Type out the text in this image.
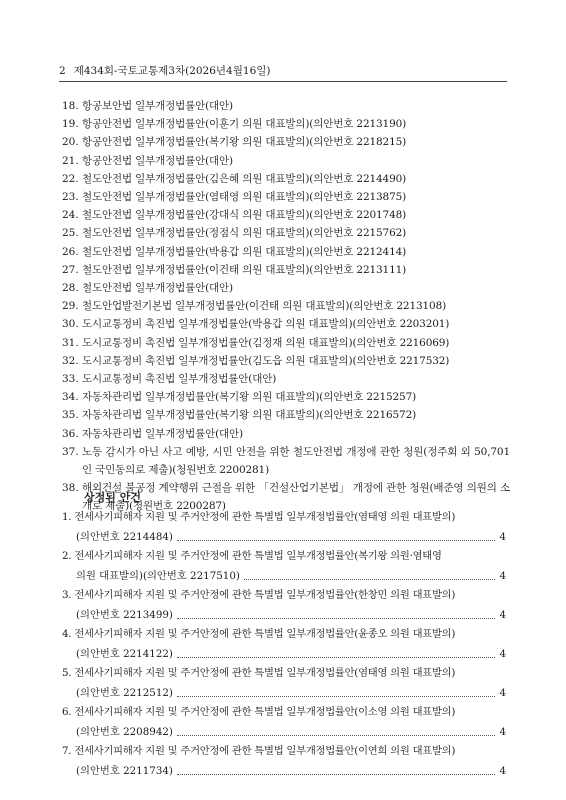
2 제434회-국토교통제3차(2026년4월16일)
18. 항공보안법 일부개정법률안(대안)
19. 항공안전법 일부개정법률안(이훈기 의원 대표발의)(의안번호 2213190)
20. 항공안전법 일부개정법률안(복기왕 의원 대표발의)(의안번호 2218215)
21. 항공안전법 일부개정법률안(대안)
22. 철도안전법 일부개정법률안(김은혜 의원 대표발의)(의안번호 2214490)
23. 철도안전법 일부개정법률안(염태영 의원 대표발의)(의안번호 2213875)
24. 철도안전법 일부개정법률안(강대식 의원 대표발의)(의안번호 2201748)
25. 철도안전법 일부개정법률안(정점식 의원 대표발의)(의안번호 2215762)
26. 철도안전법 일부개정법률안(박용갑 의원 대표발의)(의안번호 2212414)
27. 철도안전법 일부개정법률안(이건태 의원 대표발의)(의안번호 2213111)
28. 철도안전법 일부개정법률안(대안)
29. 철도안업발전기본법 일부개정법률안(이건태 의원 대표발의)(의안번호 2213108)
30. 도시교통정비 촉진법 일부개정법률안(박용갑 의원 대표발의)(의안번호 2203201)
31. 도시교통정비 촉진법 일부개정법률안(김정재 의원 대표발의)(의안번호 2216069)
32. 도시교통정비 촉진법 일부개정법률안(김도읍 의원 대표발의)(의안번호 2217532)
33. 도시교통정비 촉진법 일부개정법률안(대안)
34. 자동차관리법 일부개정법률안(복기왕 의원 대표발의)(의안번호 2215257)
35. 자동차관리법 일부개정법률안(복기왕 의원 대표발의)(의안번호 2216572)
36. 자동차관리법 일부개정법률안(대안)
37. 노동 감시가 아닌 사고 예방, 시민 안전을 위한 철도안전법 개정에 관한 청원(정주회 외 50,701인 국민동의로 제출)(청원번호 2200281)
38. 해외건설 불공정 계약행위 근절을 위한 「건설산업기본법」 개정에 관한 청원(배준영 의원의 소개로 제출)(청원번호 2200287)
상정된 안건
1. 전세사기피해자 지원 및 주거안정에 관한 특별법 일부개정법률안(염태영 의원 대표발의)
(의안번호 2214484)	4
2. 전세사기피해자 지원 및 주거안정에 관한 특별법 일부개정법률안(복기왕 의원·염태영
의원 대표발의)(의안번호 2217510)	4
3. 전세사기피해자 지원 및 주거안정에 관한 특별법 일부개정법률안(한창민 의원 대표발의)
(의안번호 2213499)	4
4. 전세사기피해자 지원 및 주거안정에 관한 특별법 일부개정법률안(윤종오 의원 대표발의)
(의안번호 2214122)	4
5. 전세사기피해자 지원 및 주거안정에 관한 특별법 일부개정법률안(염태영 의원 대표발의)
(의안번호 2212512)	4
6. 전세사기피해자 지원 및 주거안정에 관한 특별법 일부개정법률안(이소영 의원 대표발의)
(의안번호 2208942)	4
7. 전세사기피해자 지원 및 주거안정에 관한 특별법 일부개정법률안(이연희 의원 대표발의)
(의안번호 2211734)	4
